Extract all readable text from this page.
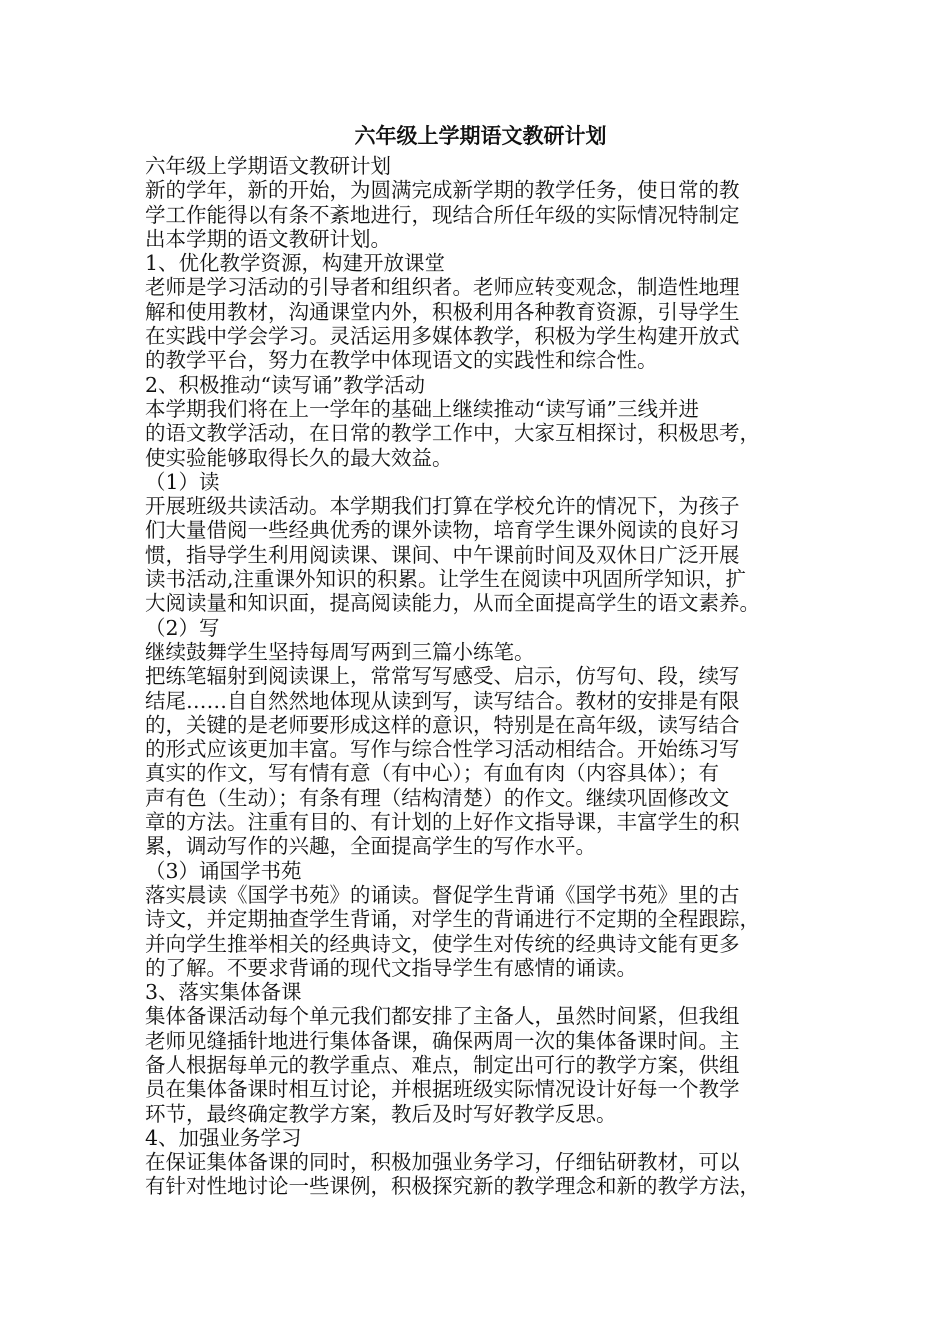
六年级上学期语文教研计划
六年级上学期语文教研计划
新的学年，新的开始，为圆满完成新学期的教学任务，使日常的教
学工作能得以有条不紊地进行，现结合所任年级的实际情况特制定
出本学期的语文教研计划。
1、优化教学资源，构建开放课堂
老师是学习活动的引导者和组织者。老师应转变观念，制造性地理
解和使用教材，沟通课堂内外，积极利用各种教育资源，引导学生
在实践中学会学习。灵活运用多媒体教学，积极为学生构建开放式
的教学平台，努力在教学中体现语文的实践性和综合性。
2、积极推动“读写诵”教学活动
本学期我们将在上一学年的基础上继续推动“读写诵”三线并进
的语文教学活动，在日常的教学工作中，大家互相探讨，积极思考，
使实验能够取得长久的最大效益。
（1）读
开展班级共读活动。本学期我们打算在学校允许的情况下，为孩子
们大量借阅一些经典优秀的课外读物，培育学生课外阅读的良好习
惯，指导学生利用阅读课、课间、中午课前时间及双休日广泛开展
读书活动,注重课外知识的积累。让学生在阅读中巩固所学知识，扩
大阅读量和知识面，提高阅读能力，从而全面提高学生的语文素养。
（2）写
继续鼓舞学生坚持每周写两到三篇小练笔。
把练笔辐射到阅读课上，常常写写感受、启示，仿写句、段，续写
结尾……自自然然地体现从读到写，读写结合。教材的安排是有限
的，关键的是老师要形成这样的意识，特别是在高年级，读写结合
的形式应该更加丰富。写作与综合性学习活动相结合。开始练习写
真实的作文，写有情有意（有中心）；有血有肉（内容具体）；有
声有色（生动）；有条有理（结构清楚）的作文。继续巩固修改文
章的方法。注重有目的、有计划的上好作文指导课，丰富学生的积
累，调动写作的兴趣，全面提高学生的写作水平。
（3）诵国学书苑
落实晨读《国学书苑》的诵读。督促学生背诵《国学书苑》里的古
诗文，并定期抽查学生背诵，对学生的背诵进行不定期的全程跟踪，
并向学生推举相关的经典诗文，使学生对传统的经典诗文能有更多
的了解。不要求背诵的现代文指导学生有感情的诵读。
3、落实集体备课
集体备课活动每个单元我们都安排了主备人，虽然时间紧，但我组
老师见缝插针地进行集体备课，确保两周一次的集体备课时间。主
备人根据每单元的教学重点、难点，制定出可行的教学方案，供组
员在集体备课时相互讨论，并根据班级实际情况设计好每一个教学
环节，最终确定教学方案，教后及时写好教学反思。
4、加强业务学习
在保证集体备课的同时，积极加强业务学习，仔细钻研教材，可以
有针对性地讨论一些课例，积极探究新的教学理念和新的教学方法，
